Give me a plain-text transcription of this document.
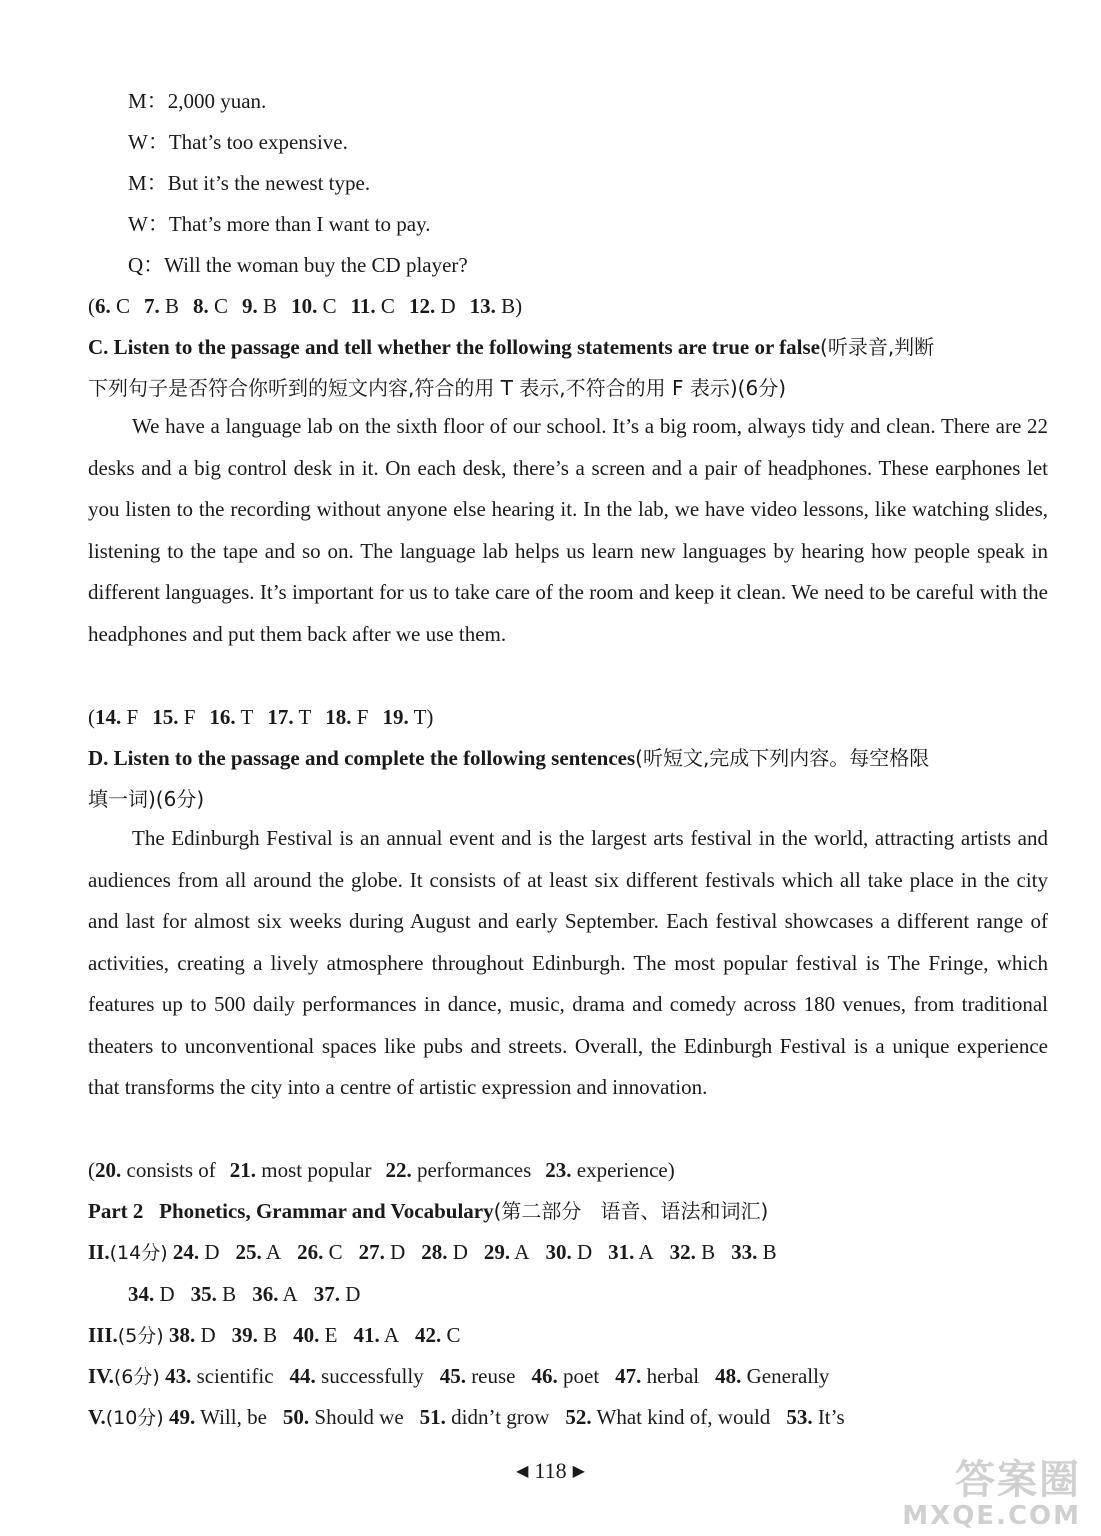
M：2,000 yuan.
W：That’s too expensive.
M：But it’s the newest type.
W：That’s more than I want to pay.
Q：Will the woman buy the CD player?
(6. C 7. B 8. C 9. B 10. C 11. C 12. D 13. B)
C. Listen to the passage and tell whether the following statements are true or false(听录音,判断
下列句子是否符合你听到的短文内容,符合的用 T 表示,不符合的用 F 表示)(6分)
We have a language lab on the sixth floor of our school. It’s a big room, always tidy and clean. There are 22 desks and a big control desk in it. On each desk, there’s a screen and a pair of headphones. These earphones let you listen to the recording without anyone else hearing it. In the lab, we have video lessons, like watching slides, listening to the tape and so on. The language lab helps us learn new languages by hearing how people speak in different languages. It’s important for us to take care of the room and keep it clean. We need to be careful with the headphones and put them back after we use them.
(14. F 15. F 16. T 17. T 18. F 19. T)
D. Listen to the passage and complete the following sentences(听短文,完成下列内容。每空格限
填一词)(6分)
The Edinburgh Festival is an annual event and is the largest arts festival in the world, attracting artists and audiences from all around the globe. It consists of at least six different festivals which all take place in the city and last for almost six weeks during August and early September. Each festival showcases a different range of activities, creating a lively atmosphere throughout Edinburgh. The most popular festival is The Fringe, which features up to 500 daily performances in dance, music, drama and comedy across 180 venues, from traditional theaters to unconventional spaces like pubs and streets. Overall, the Edinburgh Festival is a unique experience that transforms the city into a centre of artistic expression and innovation.
(20. consists of 21. most popular 22. performances 23. experience)
Part 2   Phonetics, Grammar and Vocabulary(第二部分   语音、语法和词汇)
II.(14分) 24. D 25. A 26. C 27. D 28. D 29. A 30. D 31. A 32. B 33. B
34. D 35. B 36. A 37. D
III.(5分) 38. D 39. B 40. E 41. A 42. C
IV.(6分) 43. scientific 44. successfully 45. reuse 46. poet 47. herbal 48. Generally
V.(10分) 49. Will, be 50. Should we 51. didn’t grow 52. What kind of, would 53. It’s
◀ 118 ▶	答案圈
MXQE.COM
